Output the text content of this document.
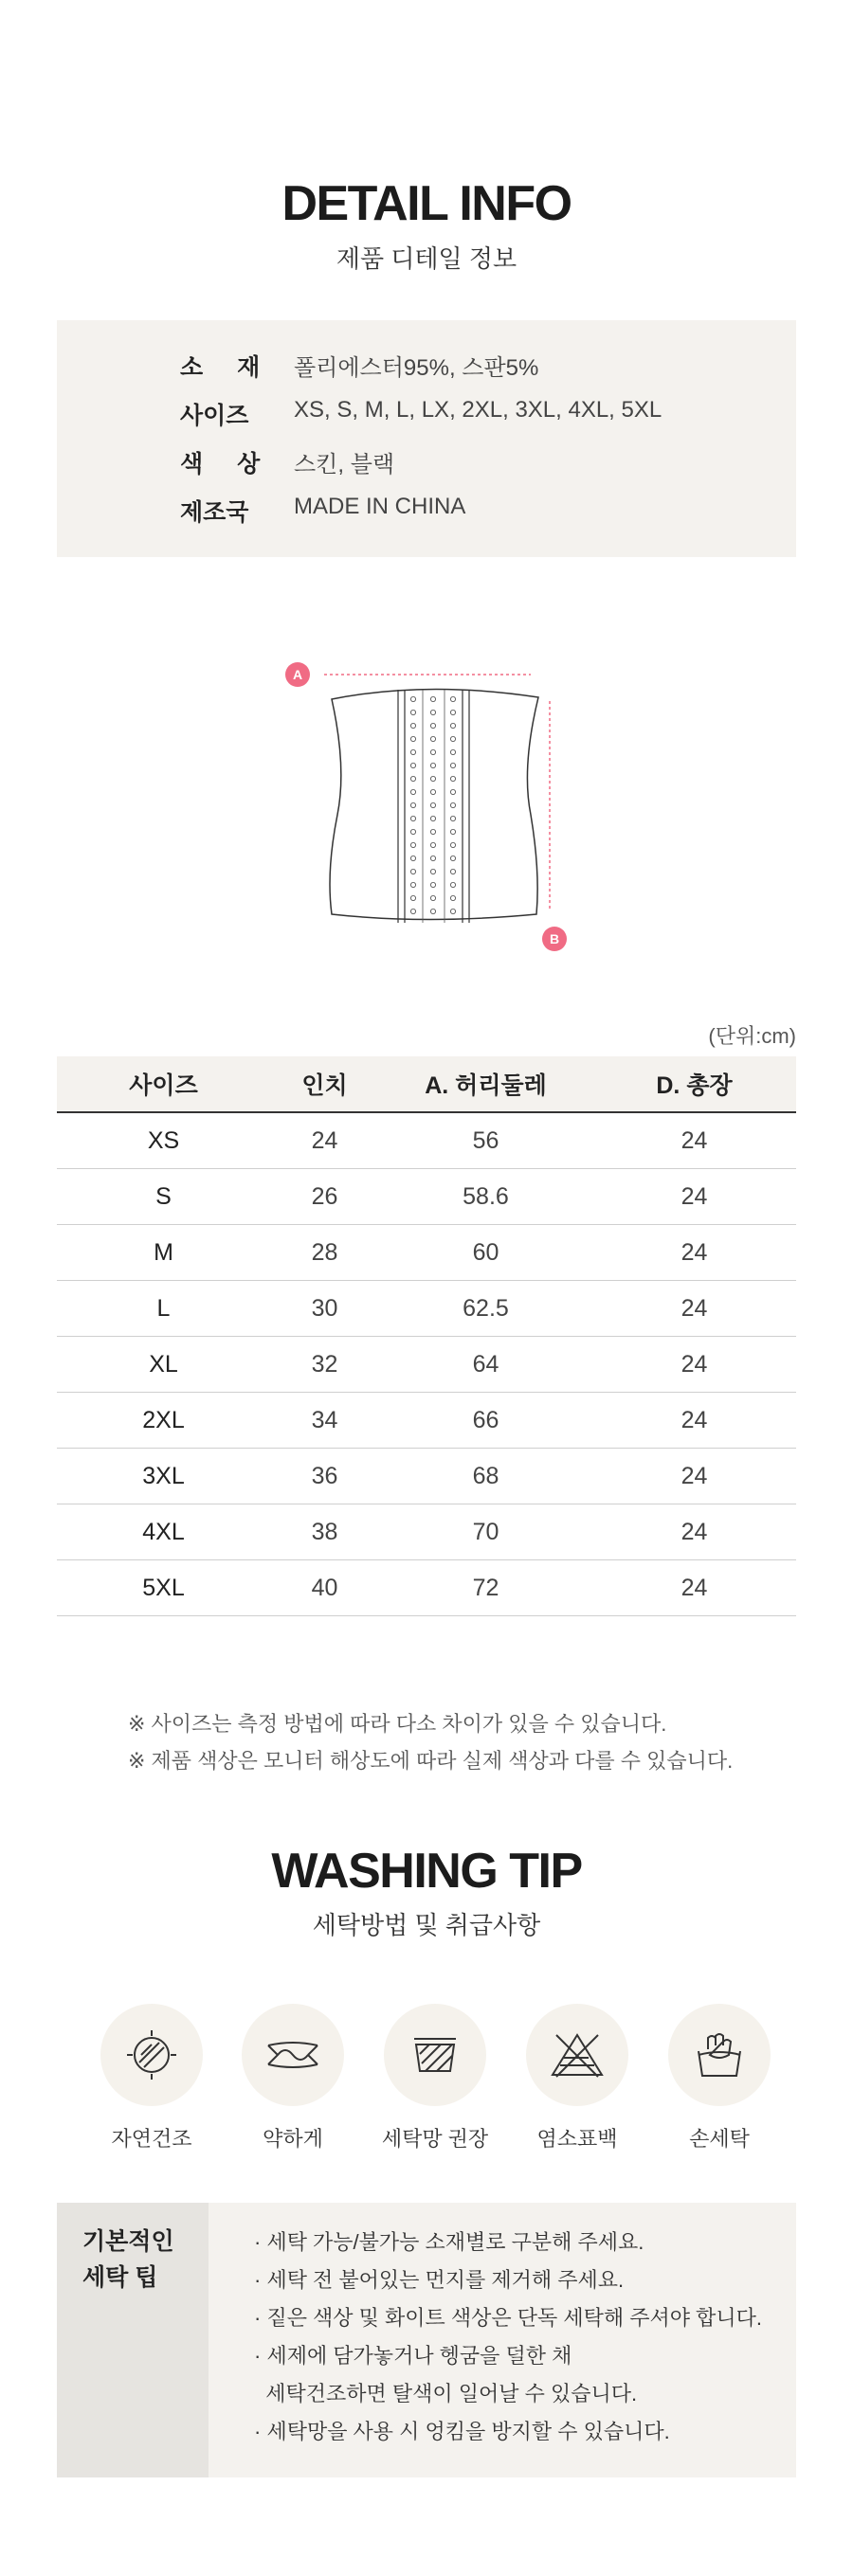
DETAIL INFO
제품 디테일 정보
소 재	폴리에스터95%, 스판5%
사이즈	XS, S, M, L, LX, 2XL, 3XL, 4XL, 5XL
색 상	스킨, 블랙
제조국	MADE IN CHINA
A
B
(단위:cm)
사이즈	인치	A. 허리둘레	D. 총장
XS	24	56	24
S	26	58.6	24
M	28	60	24
L	30	62.5	24
XL	32	64	24
2XL	34	66	24
3XL	36	68	24
4XL	38	70	24
5XL	40	72	24
※ 사이즈는 측정 방법에 따라 다소 차이가 있을 수 있습니다.
※ 제품 색상은 모니터 해상도에 따라 실제 색상과 다를 수 있습니다.
WASHING TIP
세탁방법 및 취급사항
자연건조	약하게	세탁망 권장	염소표백	손세탁
기본적인
세탁 팁
· 세탁 가능/불가능 소재별로 구분해 주세요.
· 세탁 전 붙어있는 먼지를 제거해 주세요.
· 짙은 색상 및 화이트 색상은 단독 세탁해 주셔야 합니다.
· 세제에 담가놓거나 헹굼을 덜한 채
세탁건조하면 탈색이 일어날 수 있습니다.
· 세탁망을 사용 시 엉킴을 방지할 수 있습니다.
